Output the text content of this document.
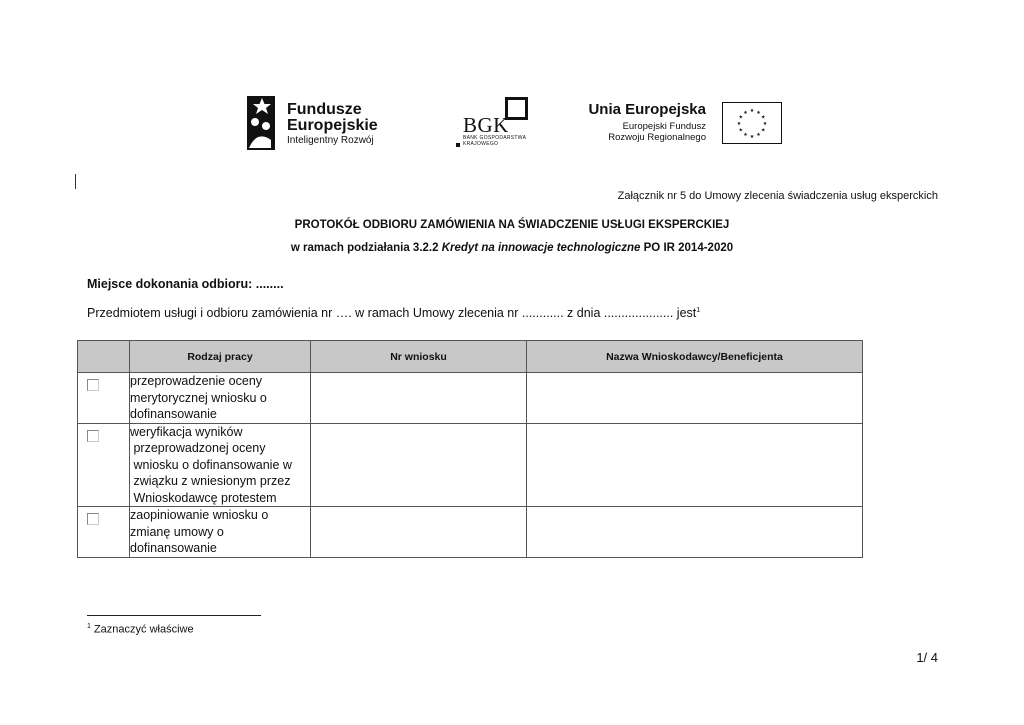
Fundusze
Europejskie
Inteligentny Rozwój
BGK
BANK GOSPODARSTWA
KRAJOWEGO
Unia Europejska
Europejski Fundusz
Rozwoju Regionalnego
★ ★
★
★
★
★
★
★
★
★
★
★
Załącznik nr 5 do Umowy zlecenia świadczenia usług eksperckich
PROTOKÓŁ ODBIORU ZAMÓWIENIA NA ŚWIADCZENIE USŁUGI EKSPERCKIEJ
w ramach podziałania 3.2.2 Kredyt na innowacje technologiczne PO IR 2014-2020
Miejsce dokonania odbioru: ........
Przedmiotem usługi i odbioru zamówienia nr …. w ramach Umowy zlecenia nr ............ z dnia .................... jest$^1$
	Rodzaj pracy	Nr wniosku	Nazwa Wnioskodawcy/Beneficjenta

	przeprowadzenie oceny
merytorycznej wniosku o
dofinansowanie		

	weryfikacja wyników
przeprowadzonej oceny
wniosku o dofinansowanie w
związku z wniesionym przez
Wnioskodawcę protestem		

	zaopiniowanie wniosku o
zmianę umowy o
dofinansowanie		

$^1$ Zaznaczyć właściwe
1/ 4
